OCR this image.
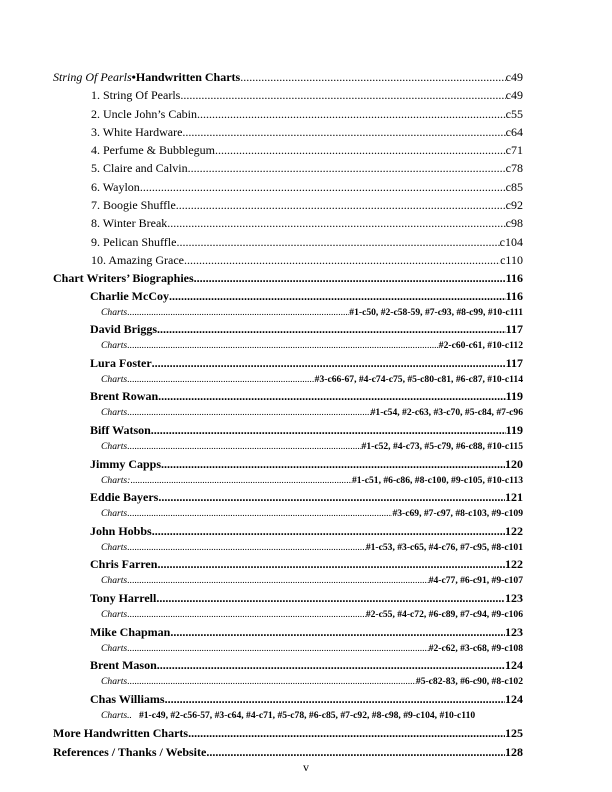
String Of Pearls • Handwritten Charts .....	c49
1. String Of Pearls .....	c49
2. Uncle John’s Cabin .....	c55
3. White Hardware .....	c64
4. Perfume & Bubblegum .....	c71
5. Claire and Calvin .....	c78
6. Waylon .....	c85
7. Boogie Shuffle .....	c92
8. Winter Break .....	c98
9. Pelican Shuffle .....	c104
10. Amazing Grace .....	c110
Chart Writers’ Biographies .....	116
Charlie McCoy .....	116
Charts .....	#1-c50, #2-c58-59, #7-c93, #8-c99, #10-c111
David Briggs .....	117
Charts .....	#2-c60-c61, #10-c112
Lura Foster .....	117
Charts .....	#3-c66-67, #4-c74-c75, #5-c80-c81, #6-c87, #10-c114
Brent Rowan .....	119
Charts .....	#1-c54, #2-c63, #3-c70, #5-c84, #7-c96
Biff Watson .....	119
Charts .....	#1-c52, #4-c73, #5-c79, #6-c88, #10-c115
Jimmy Capps .....	120
Charts: .....	#1-c51, #6-c86, #8-c100, #9-c105, #10-c113
Eddie Bayers .....	121
Charts .....	#3-c69, #7-c97, #8-c103, #9-c109
John Hobbs .....	122
Charts .....	#1-c53, #3-c65, #4-c76, #7-c95, #8-c101
Chris Farren .....	122
Charts .....	#4-c77, #6-c91, #9-c107
Tony Harrell .....	123
Charts .....	#2-c55, #4-c72, #6-c89, #7-c94, #9-c106
Mike Chapman .....	123
Charts .....	#2-c62, #3-c68, #9-c108
Brent Mason .....	124
Charts .....	#5-c82-83, #6-c90, #8-c102
Chas Williams .....	124
Charts.. #1-c49, #2-c56-57, #3-c64, #4-c71, #5-c78, #6-c85, #7-c92, #8-c98, #9-c104, #10-c110
More Handwritten Charts .....	125
References / Thanks / Website .....	128
v
